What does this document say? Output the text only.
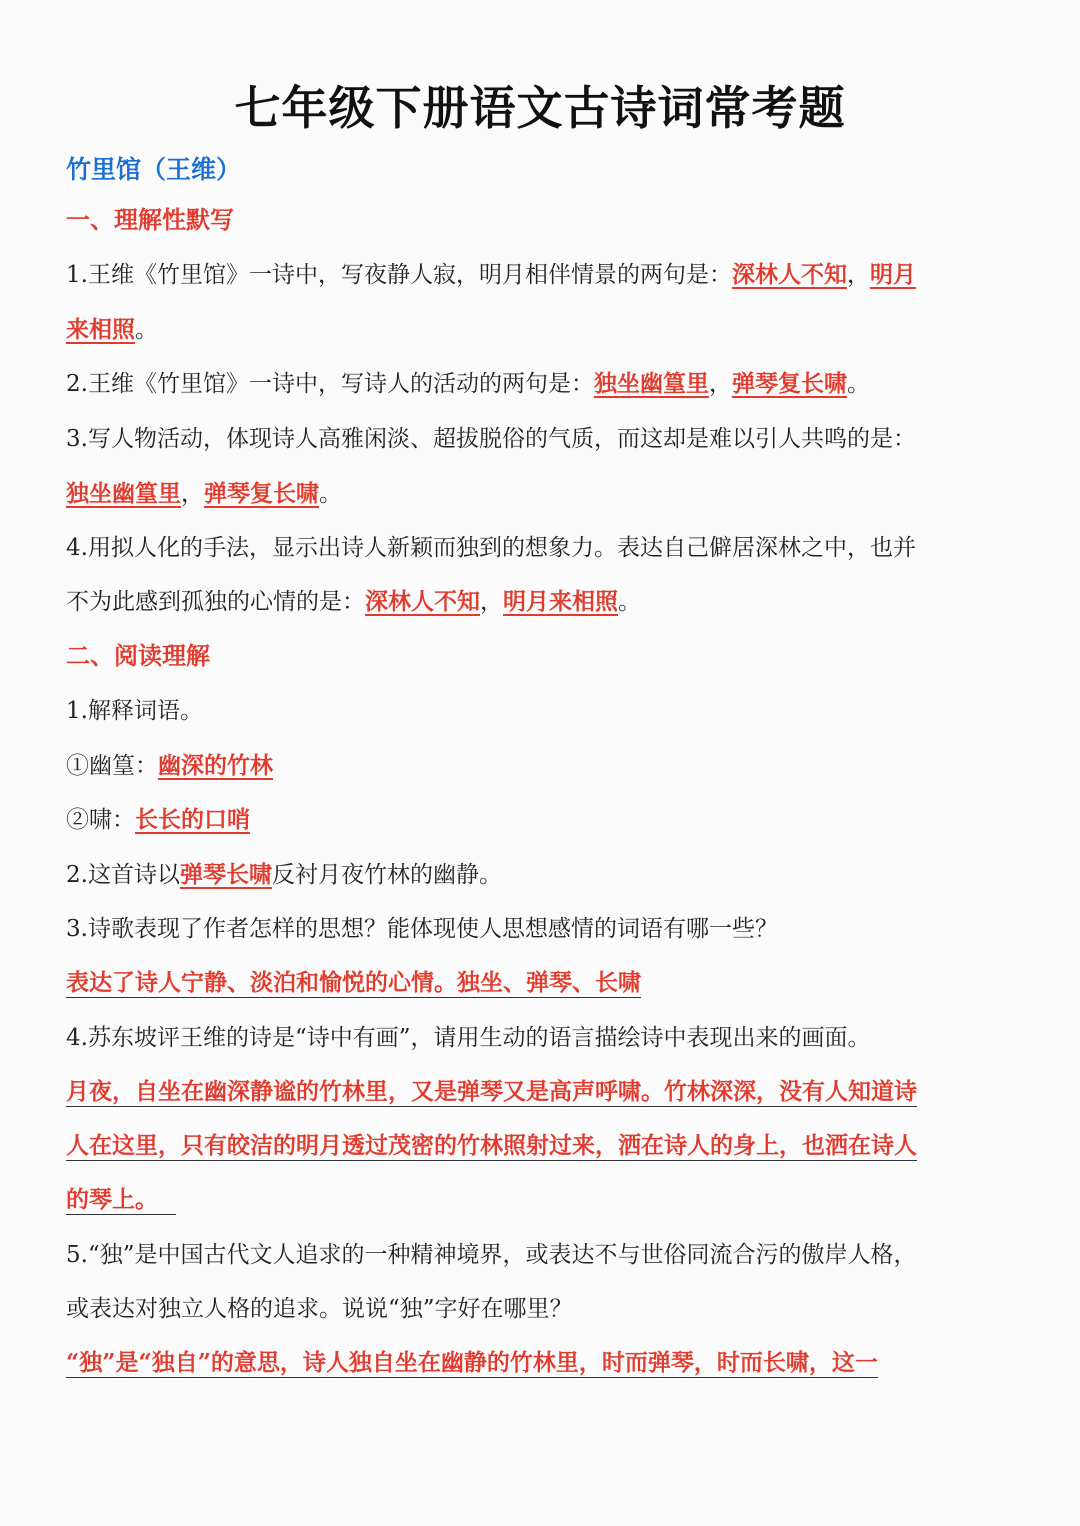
七年级下册语文古诗词常考题
竹里馆（王维）
一、理解性默写
1.王维《竹里馆》一诗中，写夜静人寂，明月相伴情景的两句是：深林人不知，明月
来相照。
2.王维《竹里馆》一诗中，写诗人的活动的两句是：独坐幽篁里，弹琴复长啸。
3.写人物活动，体现诗人高雅闲淡、超拔脱俗的气质，而这却是难以引人共鸣的是：
独坐幽篁里，弹琴复长啸。
4.用拟人化的手法，显示出诗人新颖而独到的想象力。表达自己僻居深林之中，也并
不为此感到孤独的心情的是：深林人不知，明月来相照。
二、阅读理解
1.解释词语。
①幽篁：幽深的竹林
②啸：长长的口哨
2.这首诗以弹琴长啸反衬月夜竹林的幽静。
3.诗歌表现了作者怎样的思想？能体现使人思想感情的词语有哪一些？
表达了诗人宁静、淡泊和愉悦的心情。独坐、弹琴、长啸
4.苏东坡评王维的诗是“诗中有画”，请用生动的语言描绘诗中表现出来的画面。
月夜，自坐在幽深静谧的竹林里，又是弹琴又是高声呼啸。竹林深深，没有人知道诗
人在这里，只有皎洁的明月透过茂密的竹林照射过来，洒在诗人的身上，也洒在诗人
的琴上。
5.“独”是中国古代文人追求的一种精神境界，或表达不与世俗同流合污的傲岸人格，
或表达对独立人格的追求。说说“独”字好在哪里？
“独”是“独自”的意思，诗人独自坐在幽静的竹林里，时而弹琴，时而长啸，这一
